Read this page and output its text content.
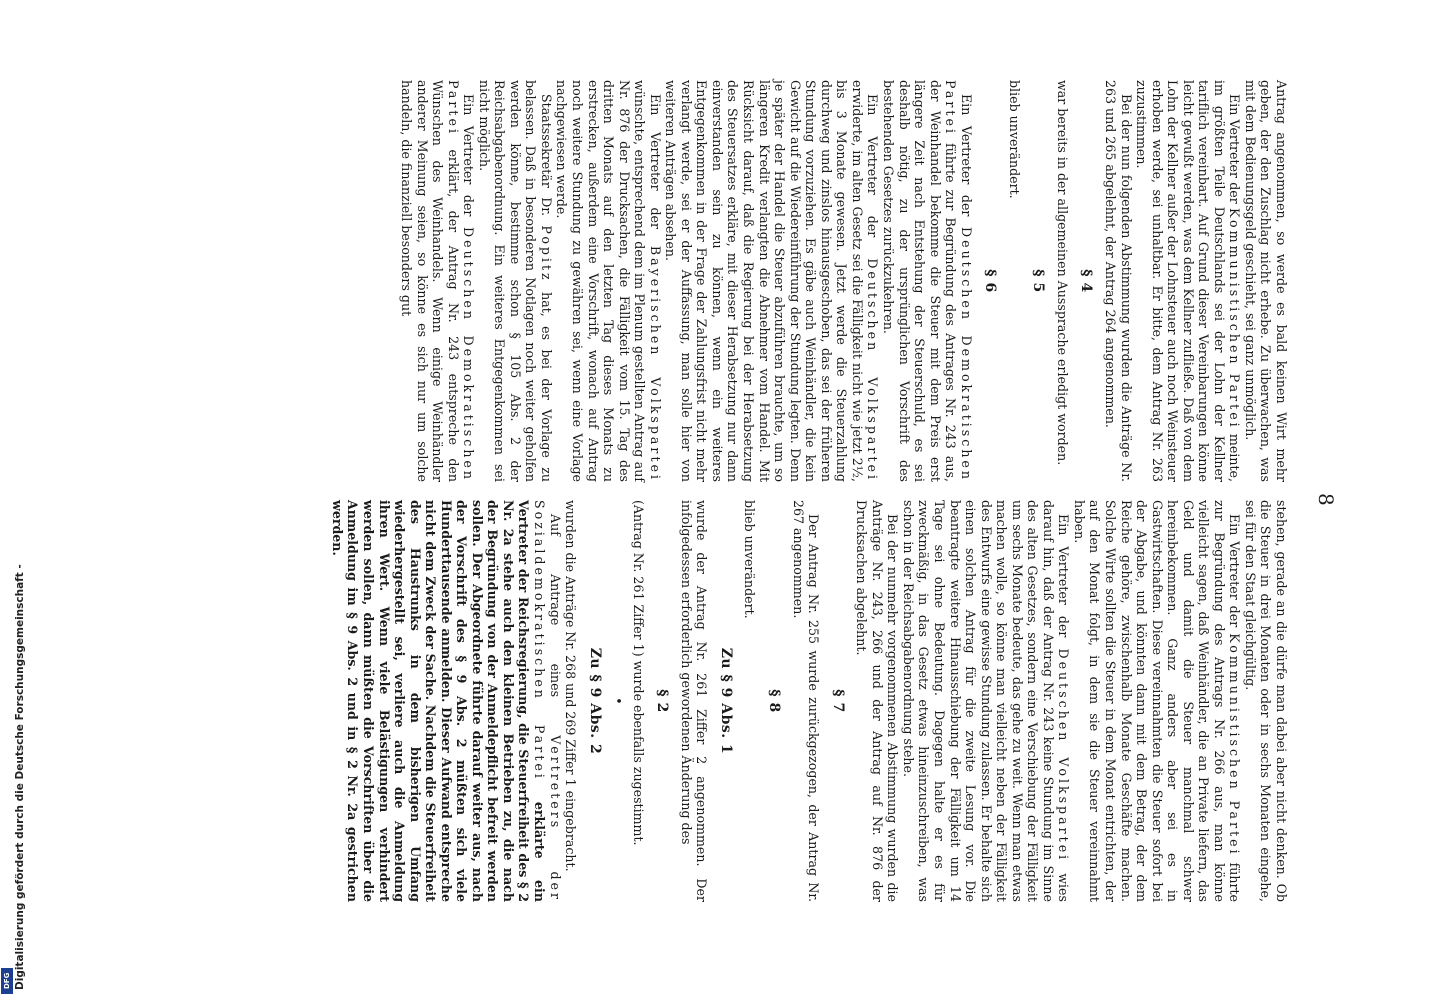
8

Antrag angenommen, so werde es bald keinen Wirt mehr geben, der den Zuschlag nicht erhebe. Zu überwachen, was mit dem Bedienungsgeld geschieht, sei ganz unmöglich.

Ein Vertreter der Kommunistischen Partei meinte, im größten Teile Deutschlands sei der Lohn der Kellner tariflich vereinbart. Auf Grund dieser Vereinbarungen könne leicht gewußt werden, was dem Kellner zufließe. Daß von dem Lohn der Kellner außer der Lohnsteuer auch noch Weinsteuer erhoben werde, sei unhaltbar. Er bitte, dem Antrag Nr. 263 zuzustimmen.

Bei der nun folgenden Abstimmung wurden die Anträge Nr. 263 und 265 abgelehnt, der Antrag 264 angenommen.

§ 4

war bereits in der allgemeinen Aussprache erledigt worden.

§ 5

blieb unverändert.

§ 6

Ein Vertreter der Deutschen Demokratischen Partei führte zur Begründung des Antrages Nr. 243 aus, der Weinhandel bekomme die Steuer mit dem Preis erst längere Zeit nach Entstehung der Steuerschuld, es sei deshalb nötig, zu der ursprünglichen Vorschrift des bestehenden Gesetzes zurückzukehren.

Ein Vertreter der Deutschen Volkspartei erwiderte, im alten Gesetz sei die Fälligkeit nicht wie jetzt 2½, bis 3 Monate gewesen. Jetzt werde die Steuerzahlung durchweg und zinslos hinausgeschoben, das sei der früheren Stundung vorzuziehen. Es gäbe auch Weinhändler, die kein Gewicht auf die Wiedereinführung der Stundung legten. Denn je später der Handel die Steuer abzuführen brauchte, um so längeren Kredit verlangten die Abnehmer vom Handel. Mit Rücksicht darauf, daß die Regierung bei der Herabsetzung des Steuersatzes erkläre, mit dieser Herabsetzung nur dann einverstanden sein zu können, wenn ein weiteres Entgegenkommen in der Frage der Zahlungsfrist nicht mehr verlangt werde, sei er der Auffassung, man solle hier von weiteren Anträgen absehen.

Ein Vertreter der Bayerischen Volkspartei wünschte, entsprechend dem im Plenum gestellten Antrag auf Nr. 876 der Drucksachen, die Fälligkeit vom 15. Tag des dritten Monats auf den letzten Tag dieses Monats zu erstrecken, außerdem eine Vorschrift, wonach auf Antrag noch weitere Stundung zu gewähren sei, wenn eine Vorlage nachgewiesen werde.

Staatssekretär Dr. Popitz hat, es bei der Vorlage zu belassen. Daß in besonderen Notlagen noch weiter geholfen werden könne, bestimme schon § 105 Abs. 2 der Reichsabgabenordnung. Ein weiteres Entgegenkommen sei nicht möglich.

Ein Vertreter der Deutschen Demokratischen Partei erklärt, der Antrag Nr. 243 entspreche den Wünschen des Weinhandels. Wenn einige Weinhändler anderer Meinung seien, so könne es sich nur um solche handeln, die finanziell besonders gut

stehen, gerade an die dürfe man dabei aber nicht denken. Ob die Steuer in drei Monaten oder in sechs Monaten eingehe, sei für den Staat gleichgültig.

Ein Vertreter der Kommunistischen Partei führte zur Begründung des Antrags Nr. 266 aus, man könne vielleicht sagen, daß Weinhändler, die an Private liefern, das Geld und damit die Steuer manchmal schwer hereinbekommen. Ganz anders aber sei es in Gastwirtschaften. Diese vereinnahmten die Steuer sofort bei der Abgabe, und könnten dann mit dem Betrag, der dem Reiche gehöre, zwischenhalb Monate Geschäfte machen. Solche Wirte sollten die Steuer in dem Monat entrichten, der auf den Monat folgt, in dem sie die Steuer vereinnahmt haben.

Ein Vertreter der Deutschen Volkspartei wies darauf hin, daß der Antrag Nr. 243 keine Stundung im Sinne des alten Gesetzes, sondern eine Verschiebung der Fälligkeit um sechs Monate bedeute, das gehe zu weit. Wenn man etwas machen wolle, so könne man vielleicht neben der Fälligkeit des Entwurfs eine gewisse Stundung zulassen. Er behalte sich einen solchen Antrag für die zweite Lesung vor. Die beantragte weitere Hinausschiebung der Fälligkeit um 14 Tage sei ohne Bedeutung. Dagegen halte er es für zweckmäßig, in das Gesetz etwas hineinzuschreiben, was schon in der Reichsabgabenordnung stehe.

Bei der nunmehr vorgenommenen Abstimmung wurden die Anträge Nr. 243, 266 und der Antrag auf Nr. 876 der Drucksachen abgelehnt.

§ 7

Der Antrag Nr. 255 wurde zurückgezogen, der Antrag Nr. 267 angenommen.

§ 8

blieb unverändert.

Zu § 9 Abs. 1

wurde der Antrag Nr. 261 Ziffer 2 angenommen. Der infolgedessen erforderlich gewordenen Änderung des

§ 2

(Antrag Nr. 261 Ziffer 1) wurde ebenfalls zugestimmt.

•
Zu § 9 Abs. 2

wurden die Anträge Nr. 268 und 269 Ziffer 1 eingebracht.

Auf Antrage eines Vertreters der Sozialdemokratischen Partei erklärte ein Vertreter der Reichsregierung, die Steuerfreiheit des § 2 Nr. 2a stehe auch den kleinen Betrieben zu, die nach der Begründung von der Anmeldepflicht befreit werden sollen. Der Abgeordnete führte darauf weiter aus, nach der Vorschrift des § 9 Abs. 2 müßten sich viele Hunderttausende anmelden. Dieser Aufwand entspreche nicht dem Zweck der Sache. Nachdem die Steuerfreiheit des Haustrunks in dem bisherigen Umfang wiederhergestellt sei, verliere auch die Anmeldung ihren Wert. Wenn viele Belästigungen verhindert werden sollen, dann müßten die Vorschriften über die Anmeldung im § 9 Abs. 2 und in § 2 Nr. 2a gestrichen werden.

Digitalisierung gefördert durch die Deutsche Forschungsgemeinschaft -
DFG
